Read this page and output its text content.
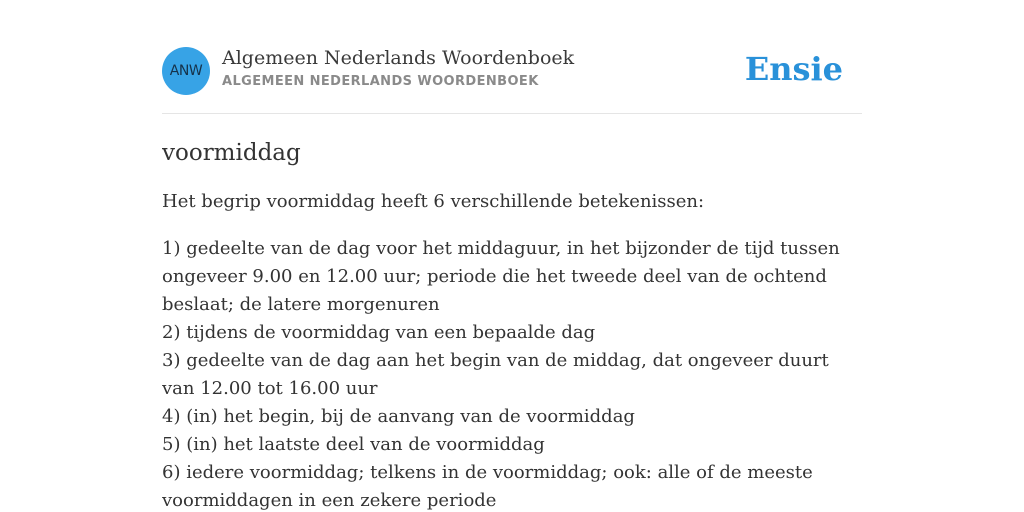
ANW
Algemeen Nederlands Woordenboek
ALGEMEEN NEDERLANDS WOORDENBOEK	Ensie
voormiddag

Het begrip voormiddag heeft 6 verschillende betekenissen:

1) gedeelte van de dag voor het middaguur, in het bijzonder de tijd tussen ongeveer 9.00 en 12.00 uur; periode die het tweede deel van de ochtend beslaat; de latere morgenuren
2) tijdens de voormiddag van een bepaalde dag
3) gedeelte van de dag aan het begin van de middag, dat ongeveer duurt van 12.00 tot 16.00 uur
4) (in) het begin, bij de aanvang van de voormiddag
5) (in) het laatste deel van de voormiddag
6) iedere voormiddag; telkens in de voormiddag; ook: alle of de meeste voormiddagen in een zekere periode
